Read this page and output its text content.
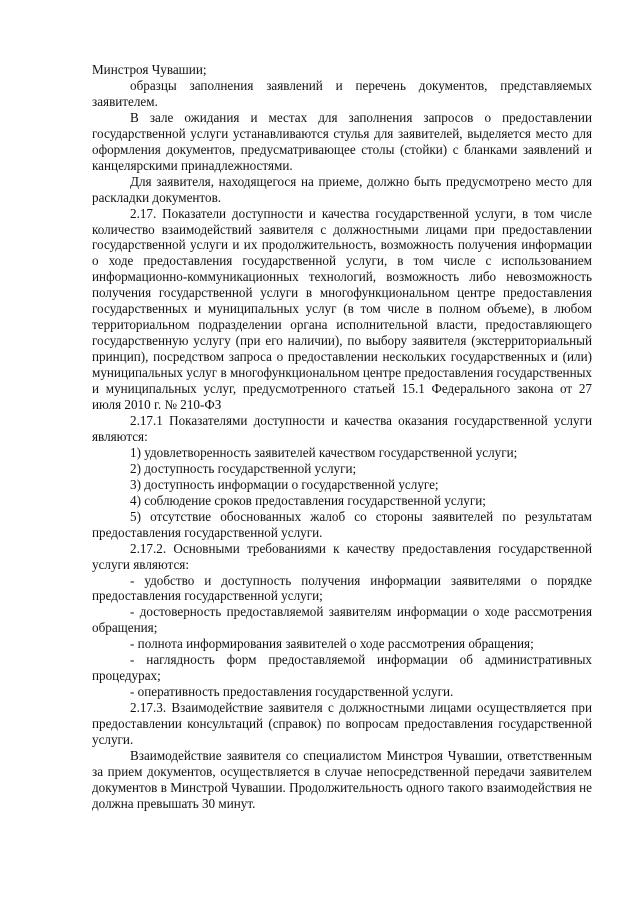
Минстроя Чувашии;

образцы заполнения заявлений и перечень документов, представляемых заявителем.

В зале ожидания и местах для заполнения запросов о предоставлении государственной услуги устанавливаются стулья для заявителей, выделяется место для оформления документов, предусматривающее столы (стойки) с бланками заявлений и канцелярскими принадлежностями.

Для заявителя, находящегося на приеме, должно быть предусмотрено место для раскладки документов.

2.17. Показатели доступности и качества государственной услуги, в том числе количество взаимодействий заявителя с должностными лицами при предоставлении государственной услуги и их продолжительность, возможность получения информации о ходе предоставления государственной услуги, в том числе с использованием информационно-коммуникационных технологий, возможность либо невозможность получения государственной услуги в многофункциональном центре предоставления государственных и муниципальных услуг (в том числе в полном объеме), в любом территориальном подразделении органа исполнительной власти, предоставляющего государственную услугу (при его наличии), по выбору заявителя (экстерриториальный принцип), посредством запроса о предоставлении нескольких государственных и (или) муниципальных услуг в многофункциональном центре предоставления государственных и муниципальных услуг, предусмотренного статьей 15.1 Федерального закона от 27 июля 2010 г. № 210-ФЗ

2.17.1 Показателями доступности и качества оказания государственной услуги являются:

1) удовлетворенность заявителей качеством государственной услуги;

2) доступность государственной услуги;

3) доступность информации о государственной услуге;

4) соблюдение сроков предоставления государственной услуги;

5) отсутствие обоснованных жалоб со стороны заявителей по результатам предоставления государственной услуги.

2.17.2. Основными требованиями к качеству предоставления государственной услуги являются:

- удобство и доступность получения информации заявителями о порядке предоставления государственной услуги;

- достоверность предоставляемой заявителям информации о ходе рассмотрения обращения;

- полнота информирования заявителей о ходе рассмотрения обращения;

- наглядность форм предоставляемой информации об административных процедурах;

- оперативность предоставления государственной услуги.

2.17.3. Взаимодействие заявителя с должностными лицами осуществляется при предоставлении консультаций (справок) по вопросам предоставления государственной услуги.

Взаимодействие заявителя со специалистом Минстроя Чувашии, ответственным за прием документов, осуществляется в случае непосредственной передачи заявителем документов в Минстрой Чувашии. Продолжительность одного такого взаимодействия не должна превышать 30 минут.
